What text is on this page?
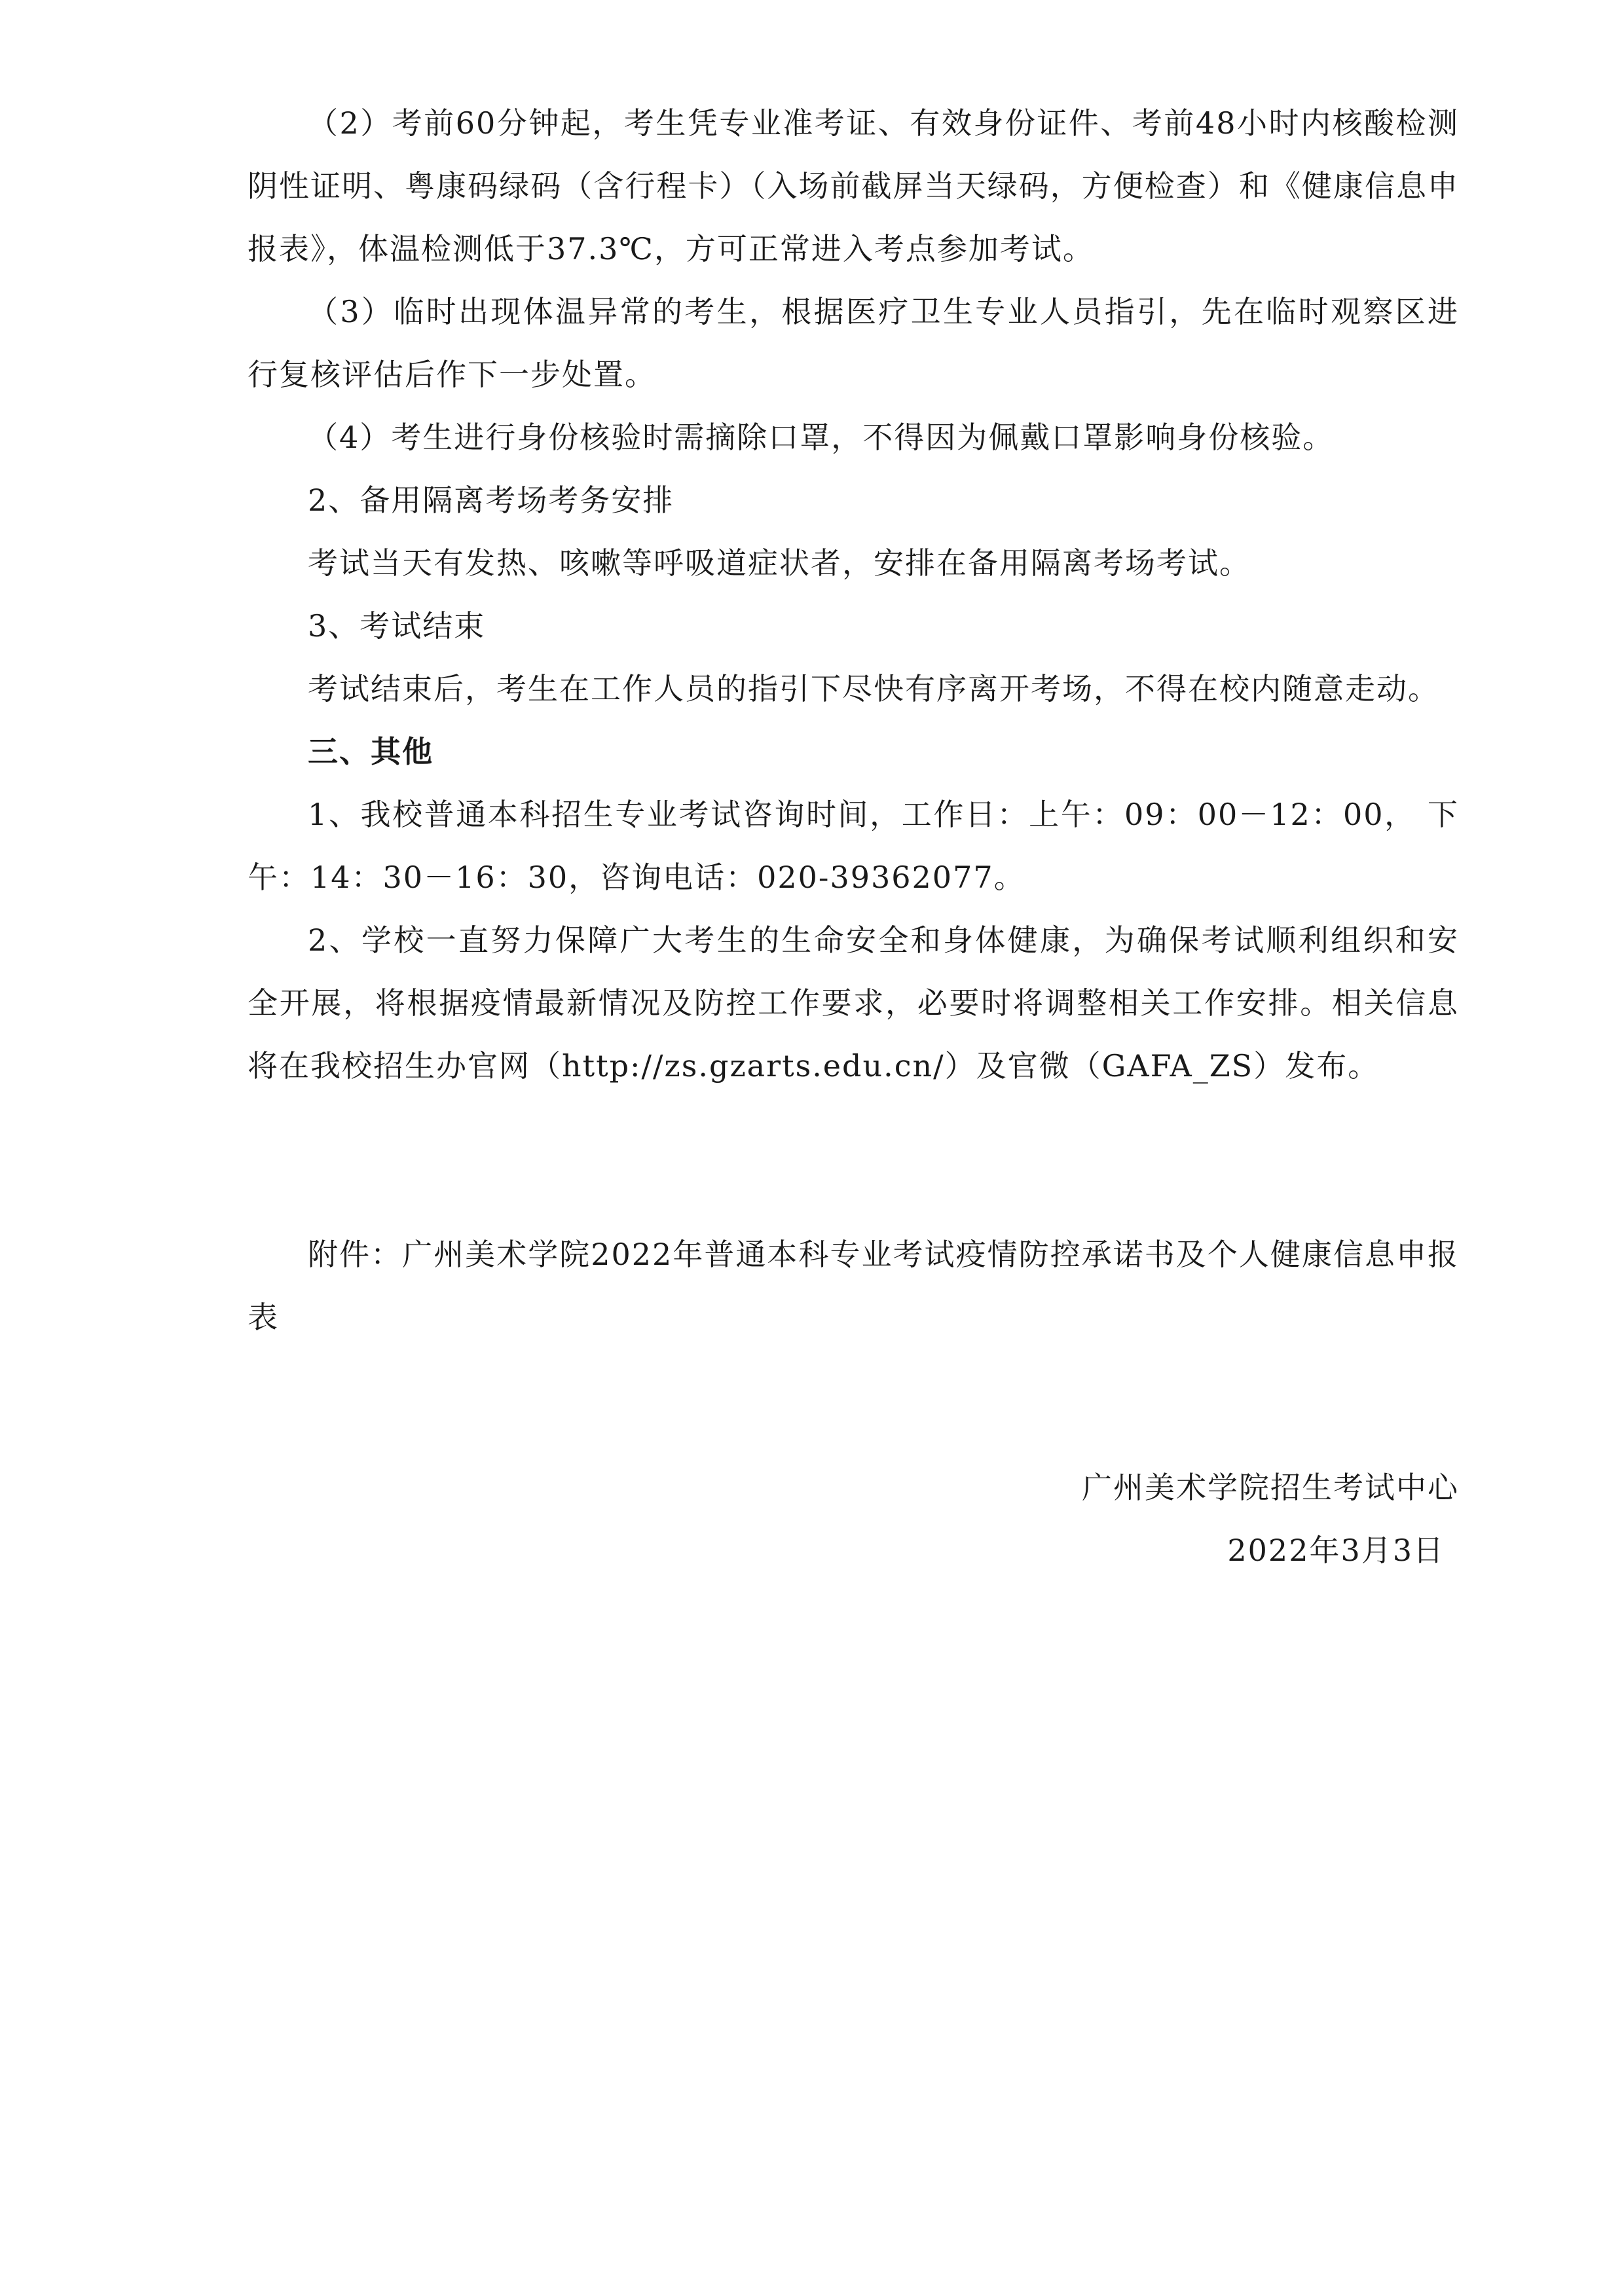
（2）考前60分钟起，考生凭专业准考证、有效身份证件、考前48小时内核酸检测阴性证明、粤康码绿码（含行程卡）（入场前截屏当天绿码，方便检查）和《健康信息申报表》，体温检测低于37.3℃，方可正常进入考点参加考试。

（3）临时出现体温异常的考生，根据医疗卫生专业人员指引，先在临时观察区进行复核评估后作下一步处置。

（4）考生进行身份核验时需摘除口罩，不得因为佩戴口罩影响身份核验。

2、备用隔离考场考务安排

考试当天有发热、咳嗽等呼吸道症状者，安排在备用隔离考场考试。

3、考试结束

考试结束后，考生在工作人员的指引下尽快有序离开考场，不得在校内随意走动。

三、其他

1、我校普通本科招生专业考试咨询时间，工作日：上午：09：00－12：00， 下午：14：30－16：30，咨询电话：020-39362077。

2、学校一直努力保障广大考生的生命安全和身体健康，为确保考试顺利组织和安全开展，将根据疫情最新情况及防控工作要求，必要时将调整相关工作安排。相关信息将在我校招生办官网（http://zs.gzarts.edu.cn/）及官微（GAFA_ZS）发布。

附件：广州美术学院2022年普通本科专业考试疫情防控承诺书及个人健康信息申报表

广州美术学院招生考试中心
2022年3月3日
